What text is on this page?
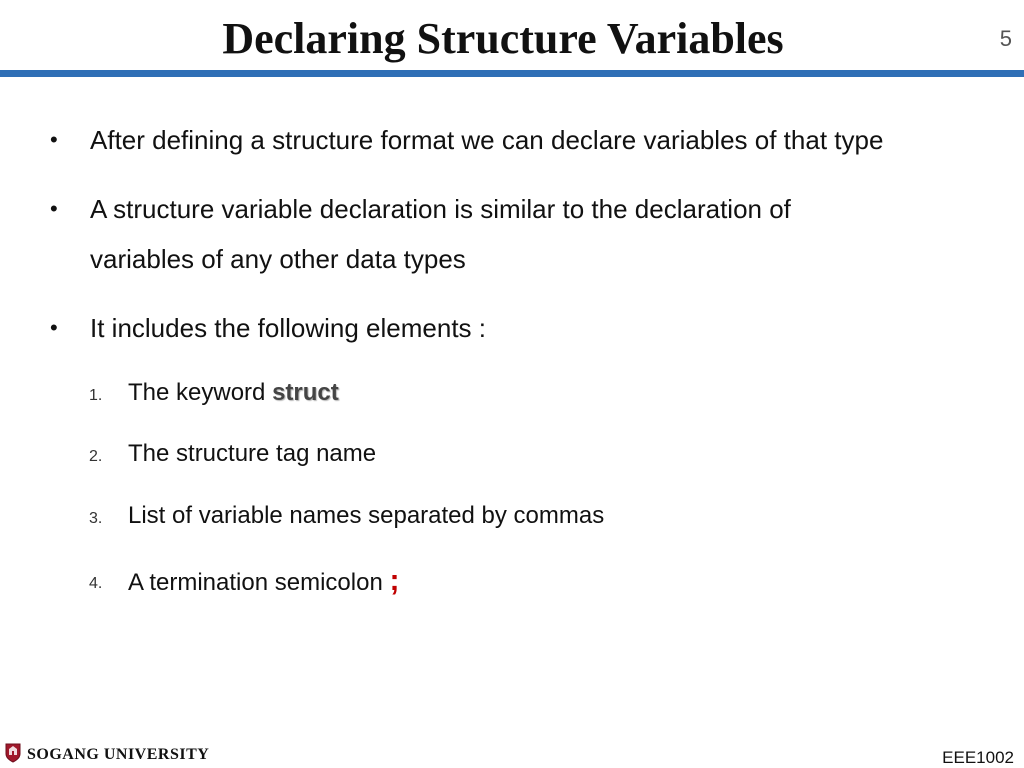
Declaring Structure Variables	5
• After defining a structure format we can declare variables of that type
• A structure variable declaration is similar to the declaration of
variables of any other data types
• It includes the following elements :
1. The keyword struct
2. The structure tag name
3. List of variable names separated by commas
4. A termination semicolon ;
SOGANG UNIVERSITY	EEE1002
